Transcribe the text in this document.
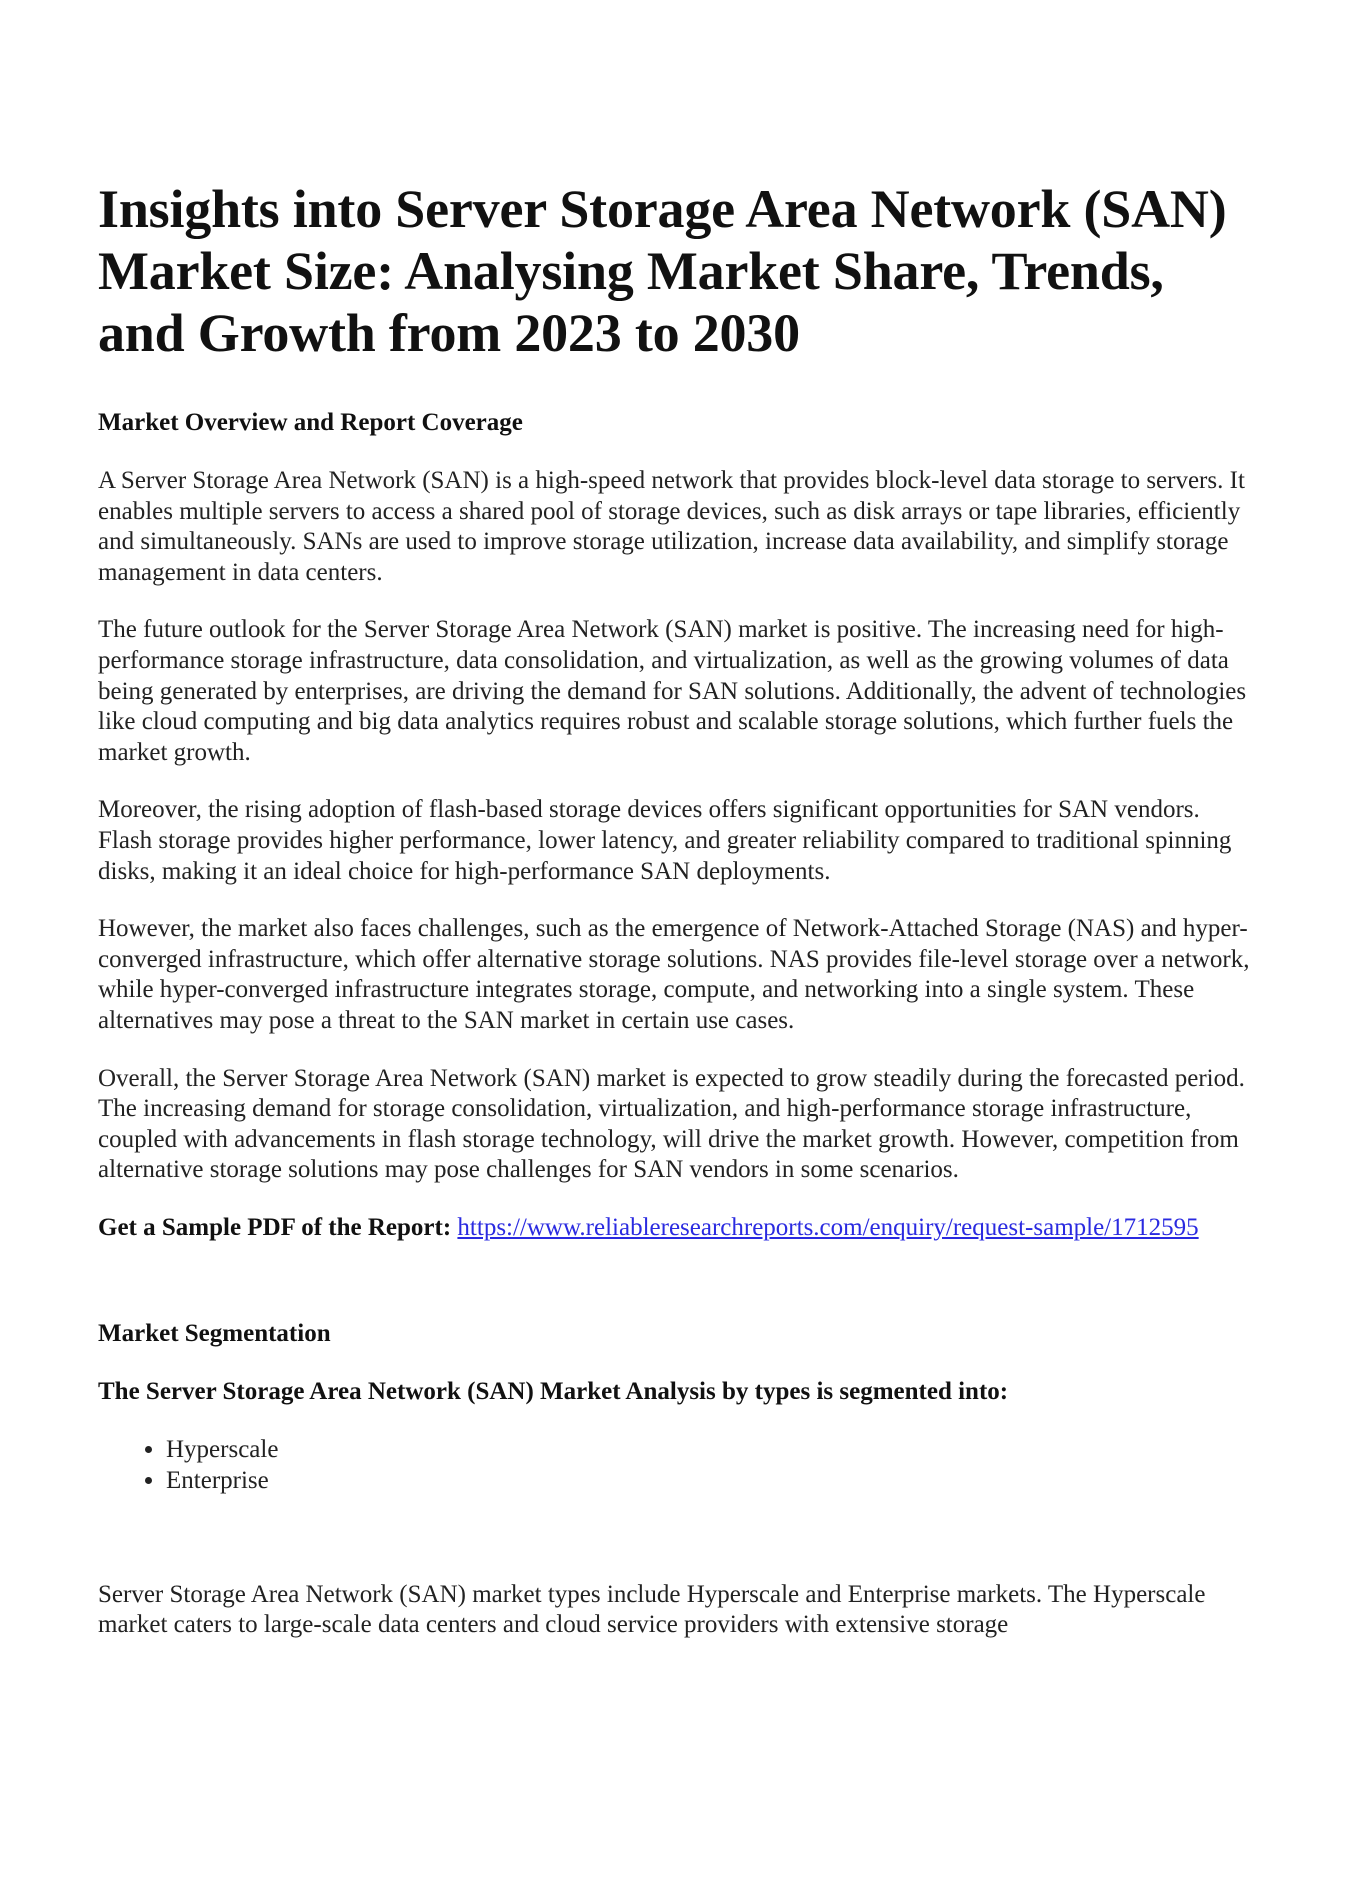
Insights into Server Storage Area Network (SAN) Market Size: Analysing Market Share, Trends, and Growth from 2023 to 2030
Market Overview and Report Coverage

A Server Storage Area Network (SAN) is a high-speed network that provides block-level data storage to servers. It enables multiple servers to access a shared pool of storage devices, such as disk arrays or tape libraries, efficiently and simultaneously. SANs are used to improve storage utilization, increase data availability, and simplify storage management in data centers.

The future outlook for the Server Storage Area Network (SAN) market is positive. The increasing need for high-performance storage infrastructure, data consolidation, and virtualization, as well as the growing volumes of data being generated by enterprises, are driving the demand for SAN solutions. Additionally, the advent of technologies like cloud computing and big data analytics requires robust and scalable storage solutions, which further fuels the market growth.

Moreover, the rising adoption of flash-based storage devices offers significant opportunities for SAN vendors. Flash storage provides higher performance, lower latency, and greater reliability compared to traditional spinning disks, making it an ideal choice for high-performance SAN deployments.

However, the market also faces challenges, such as the emergence of Network-Attached Storage (NAS) and hyper-converged infrastructure, which offer alternative storage solutions. NAS provides file-level storage over a network, while hyper-converged infrastructure integrates storage, compute, and networking into a single system. These alternatives may pose a threat to the SAN market in certain use cases.

Overall, the Server Storage Area Network (SAN) market is expected to grow steadily during the forecasted period. The increasing demand for storage consolidation, virtualization, and high-performance storage infrastructure, coupled with advancements in flash storage technology, will drive the market growth. However, competition from alternative storage solutions may pose challenges for SAN vendors in some scenarios.

Get a Sample PDF of the Report: https://www.reliableresearchreports.com/enquiry/request-sample/1712595
Market Segmentation
The Server Storage Area Network (SAN) Market Analysis by types is segmented into:
• Hyperscale
• Enterprise

Server Storage Area Network (SAN) market types include Hyperscale and Enterprise markets. The Hyperscale market caters to large-scale data centers and cloud service providers with extensive storage
